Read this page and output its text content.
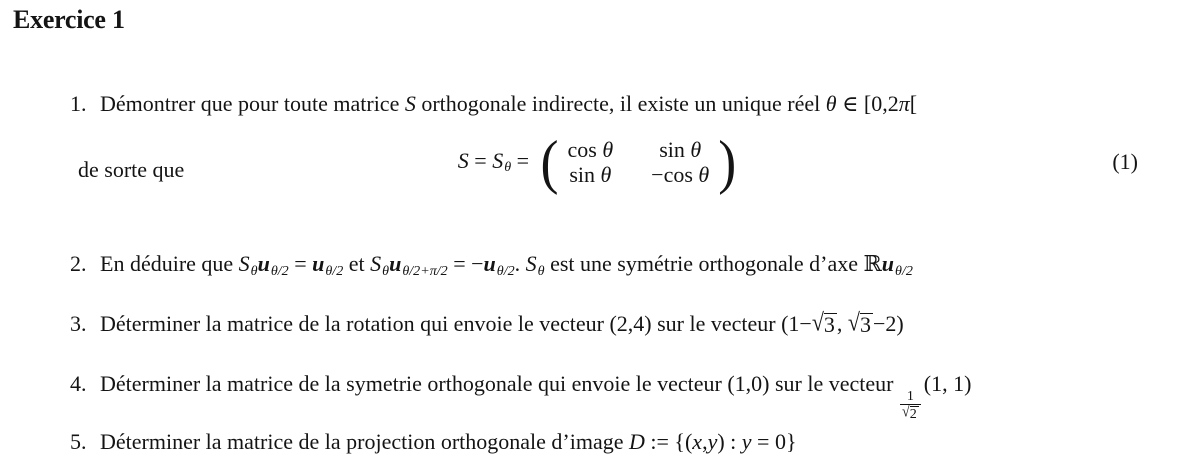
Exercice 1

1. Démontrer que pour toute matrice S orthogonale indirecte, il existe un unique réel θ ∈ [0,2π[

de sorte que

	$S = S_\theta$ = ( cos θ sin θ
sin θ −cos θ )	(1)

2. En déduire que $S_\theta u_{\theta/2} = u_{\theta/2}$ et $S_\theta u_{\theta/2+\pi/2} = -u_{\theta/2}$. $S_\theta$ est une symétrie orthogonale d’axe ℝu$_{\theta/2}$

3. Déterminer la matrice de la rotation qui envoie le vecteur (2,4) sur le vecteur (1− √ 3 , √ 3 −2)

4. Déterminer la matrice de la symetrie orthogonale qui envoie le vecteur (1,0) sur le vecteur
$\frac{1}{√ 2}$
(1, 1)

5. Déterminer la matrice de la projection orthogonale d’image D := {(x,y) : y = 0}
